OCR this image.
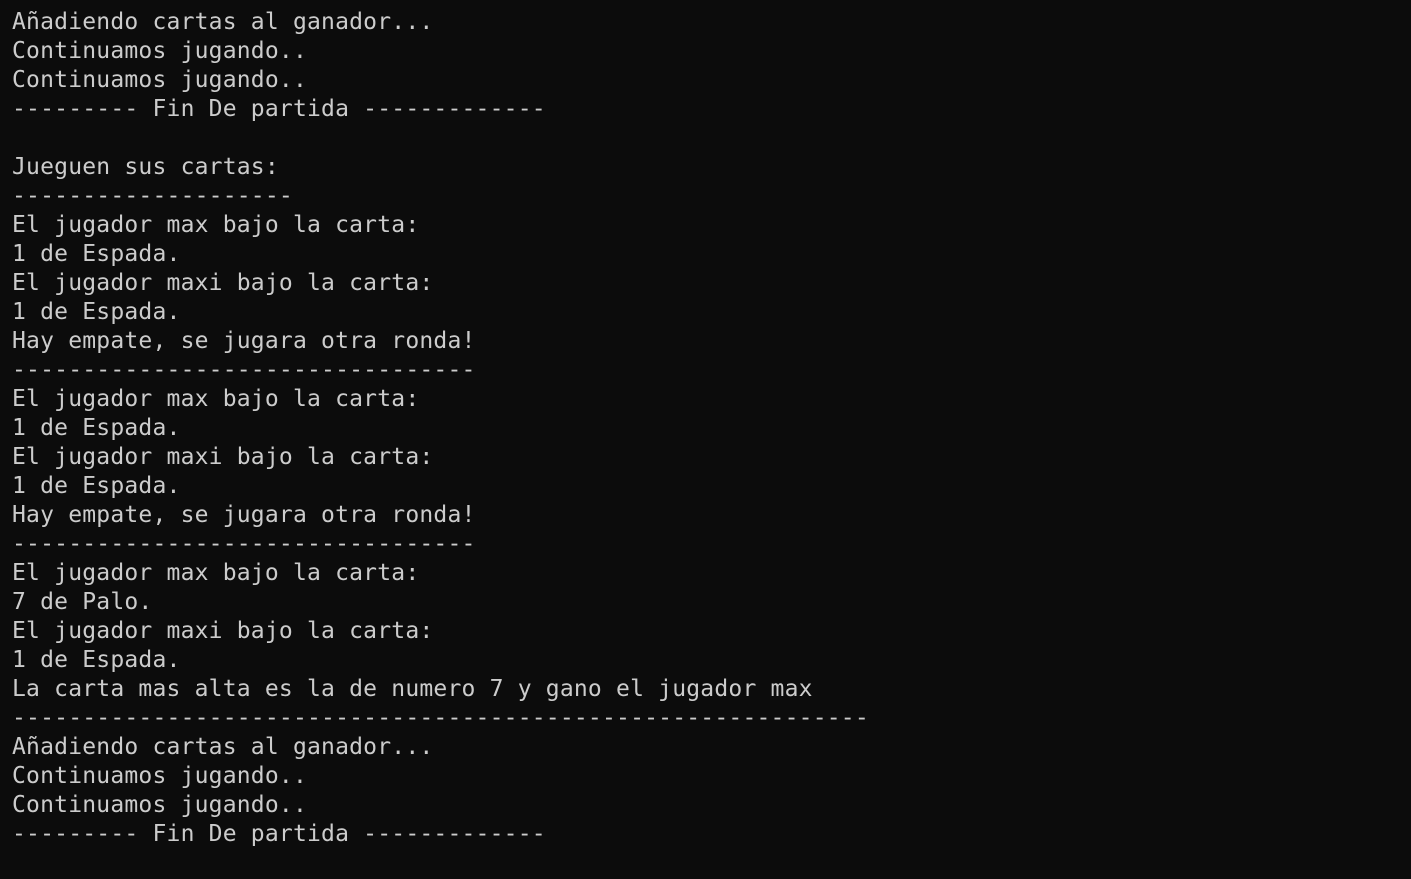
Añadiendo cartas al ganador...
Continuamos jugando..
Continuamos jugando..
--------- Fin De partida -------------
Jueguen sus cartas:
--------------------
El jugador max bajo la carta:
1 de Espada.
El jugador maxi bajo la carta:
1 de Espada.
Hay empate, se jugara otra ronda!
---------------------------------
El jugador max bajo la carta:
1 de Espada.
El jugador maxi bajo la carta:
1 de Espada.
Hay empate, se jugara otra ronda!
---------------------------------
El jugador max bajo la carta:
7 de Palo.
El jugador maxi bajo la carta:
1 de Espada.
La carta mas alta es la de numero 7 y gano el jugador max
-------------------------------------------------------------
Añadiendo cartas al ganador...
Continuamos jugando..
Continuamos jugando..
--------- Fin De partida -------------
